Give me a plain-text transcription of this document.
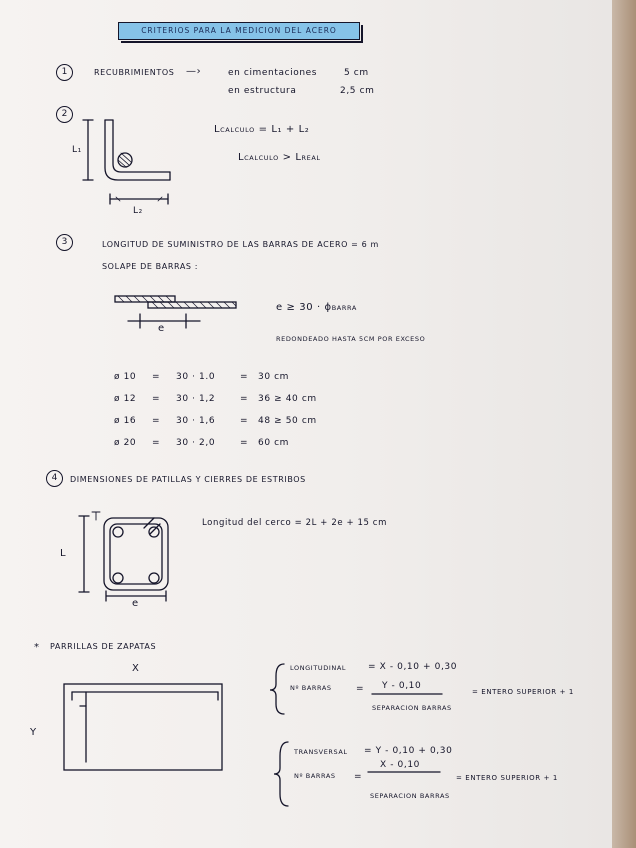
CRITERIOS PARA LA MEDICION DEL ACERO
1	RECUBRIMIENTOS —›	en cimentaciones	5 cm
en estructura	2,5 cm
2
L₁
L₂
LCALCULO = L₁ + L₂
LCALCULO > LREAL
3	LONGITUD DE SUMINISTRO DE LAS BARRAS DE ACERO = 6 m
SOLAPE DE BARRAS :
e
e ≥ 30 · ϕBARRA
REDONDEADO HASTA 5CM POR EXCESO
ø 10 = 30 · 1.0	= 30 cm
ø 12 = 30 · 1,2	= 36 ≥ 40 cm
ø 16 = 30 · 1,6	= 48 ≥ 50 cm
ø 20 = 30 · 2,0	= 60 cm
4	DIMENSIONES DE PATILLAS Y CIERRES DE ESTRIBOS
L
e
Longitud del cerco = 2L + 2e + 15 cm
* PARRILLAS DE ZAPATAS
X
Y
LONGITUDINAL = X - 0,10 + 0,30
Nº BARRAS	= Y - 0,10
SEPARACION BARRAS
= ENTERO SUPERIOR + 1
TRANSVERSAL = Y - 0,10 + 0,30
Nº BARRAS =
X - 0,10
SEPARACION BARRAS
= ENTERO SUPERIOR + 1
